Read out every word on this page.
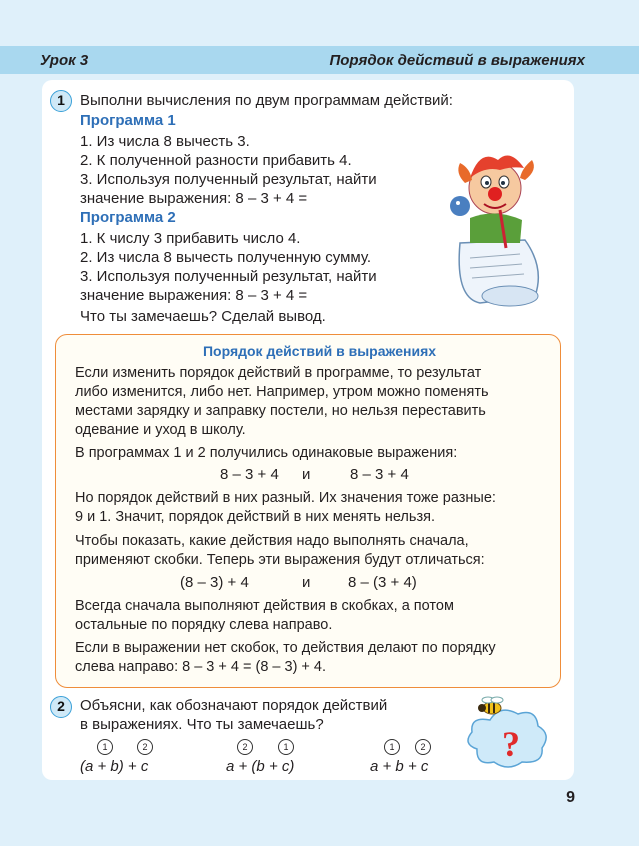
Урок 3	Порядок действий в выражениях
1	Выполни вычисления по двум программам действий:
Программа 1
1. Из числа 8 вычесть 3.
2. К полученной разности прибавить 4.
3. Используя полученный результат, найти
значение выражения: 8 – 3 + 4 =
Программа 2
1. К числу 3 прибавить число 4.
2. Из числа 8 вычесть полученную сумму.
3. Используя полученный результат, найти
значение выражения: 8 – 3 + 4 =
Что ты замечаешь? Сделай вывод.
Порядок действий в выражениях
Если изменить порядок действий в программе, то результат
либо изменится, либо нет. Например, утром можно поменять
местами зарядку и заправку постели, но нельзя переставить
одевание и уход в школу.
В программах 1 и 2 получились одинаковые выражения:
8 – 3 + 4 и	8 – 3 + 4
Но порядок действий в них разный. Их значения тоже разные:
9 и 1. Значит, порядок действий в них менять нельзя.
Чтобы показать, какие действия надо выполнять сначала,
применяют скобки. Теперь эти выражения будут отличаться:
(8 – 3) + 4	и	8 – (3 + 4)
Всегда сначала выполняют действия в скобках, а потом
остальные по порядку слева направо.
Если в выражении нет скобок, то действия делают по порядку
слева направо: 8 – 3 + 4 = (8 – 3) + 4.
2	Объясни, как обозначают порядок действий
в выражениях. Что ты замечаешь?
1	2
(a + b) + c
2	1
a + (b + c)
1	2
a + b + c
?
9
